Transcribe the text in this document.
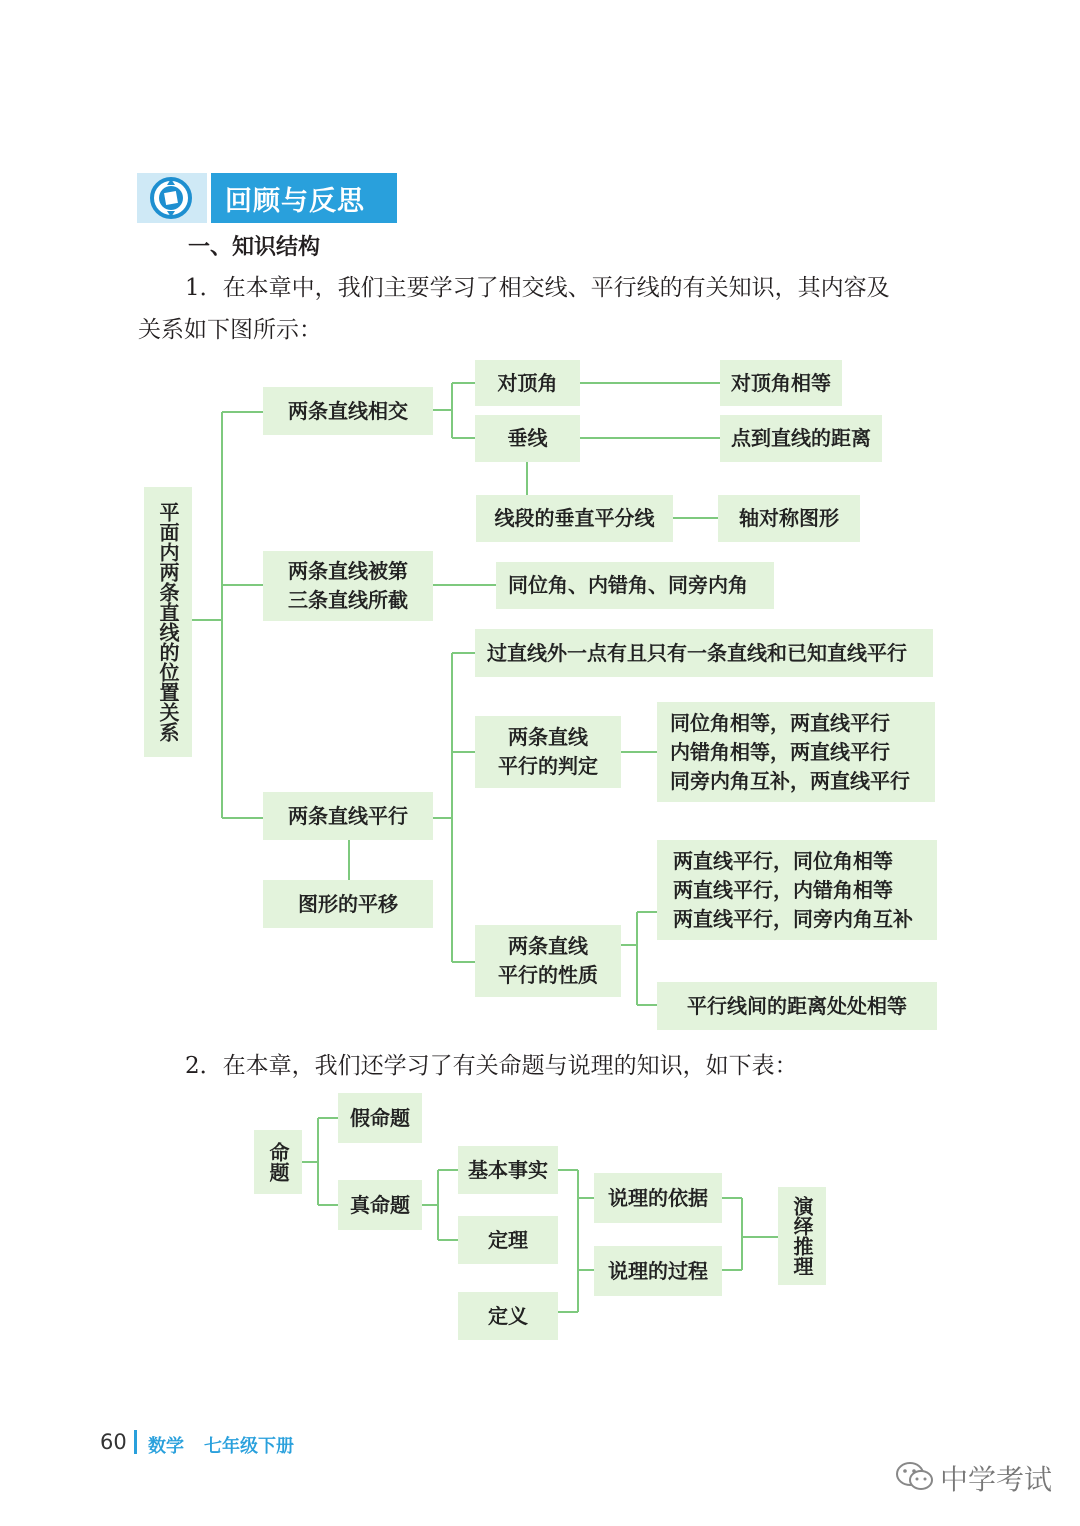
回顾与反思
一、知识结构
1．在本章中，我们主要学习了相交线、平行线的有关知识，其内容及
关系如下图所示：
平面内两条直线的位置关系
两条直线相交
对顶角	对顶角相等
垂线	点到直线的距离
线段的垂直平分线	轴对称图形
两条直线被第
三条直线所截
同位角、内错角、同旁内角
两条直线平行
图形的平移
过直线外一点有且只有一条直线和已知直线平行
两条直线
平行的判定
同位角相等，两直线平行
内错角相等，两直线平行
同旁内角互补，两直线平行
两条直线
平行的性质
两直线平行，同位角相等
两直线平行，内错角相等
两直线平行，同旁内角互补
平行线间的距离处处相等
2．在本章，我们还学习了有关命题与说理的知识，如下表：
命题
假命题
真命题
基本事实
定理
定义
说理的依据
说理的过程	演绎推理
60 数学 七年级下册
中学考试
